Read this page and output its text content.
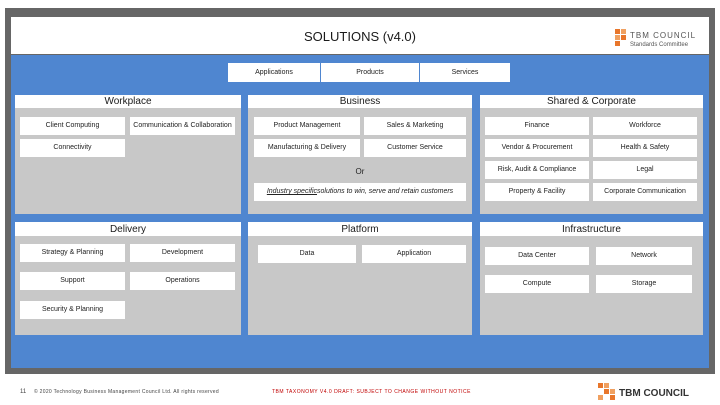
SOLUTIONS (v4.0)	TBM COUNCIL
Standards Committee
Applications	Products	Services
Workplace
Client Computing	Communication & Collaboration
Connectivity
Business
Product Management	Sales & Marketing
Manufacturing & Delivery	Customer Service
Or
Industry specific solutions to win, serve and retain customers
Shared & Corporate
Finance	Workforce
Vendor & Procurement	Health & Safety
Risk, Audit & Compliance	Legal
Property & Facility	Corporate Communication
Delivery
Strategy & Planning	Development
Support	Operations
Security & Planning
Platform
Data	Application
Infrastructure
Data Center	Network
Compute	Storage
11 © 2020 Technology Business Management Council Ltd. All rights reserved	TBM TAXONOMY V4.0 DRAFT: SUBJECT TO CHANGE WITHOUT NOTICE	TBM COUNCIL
